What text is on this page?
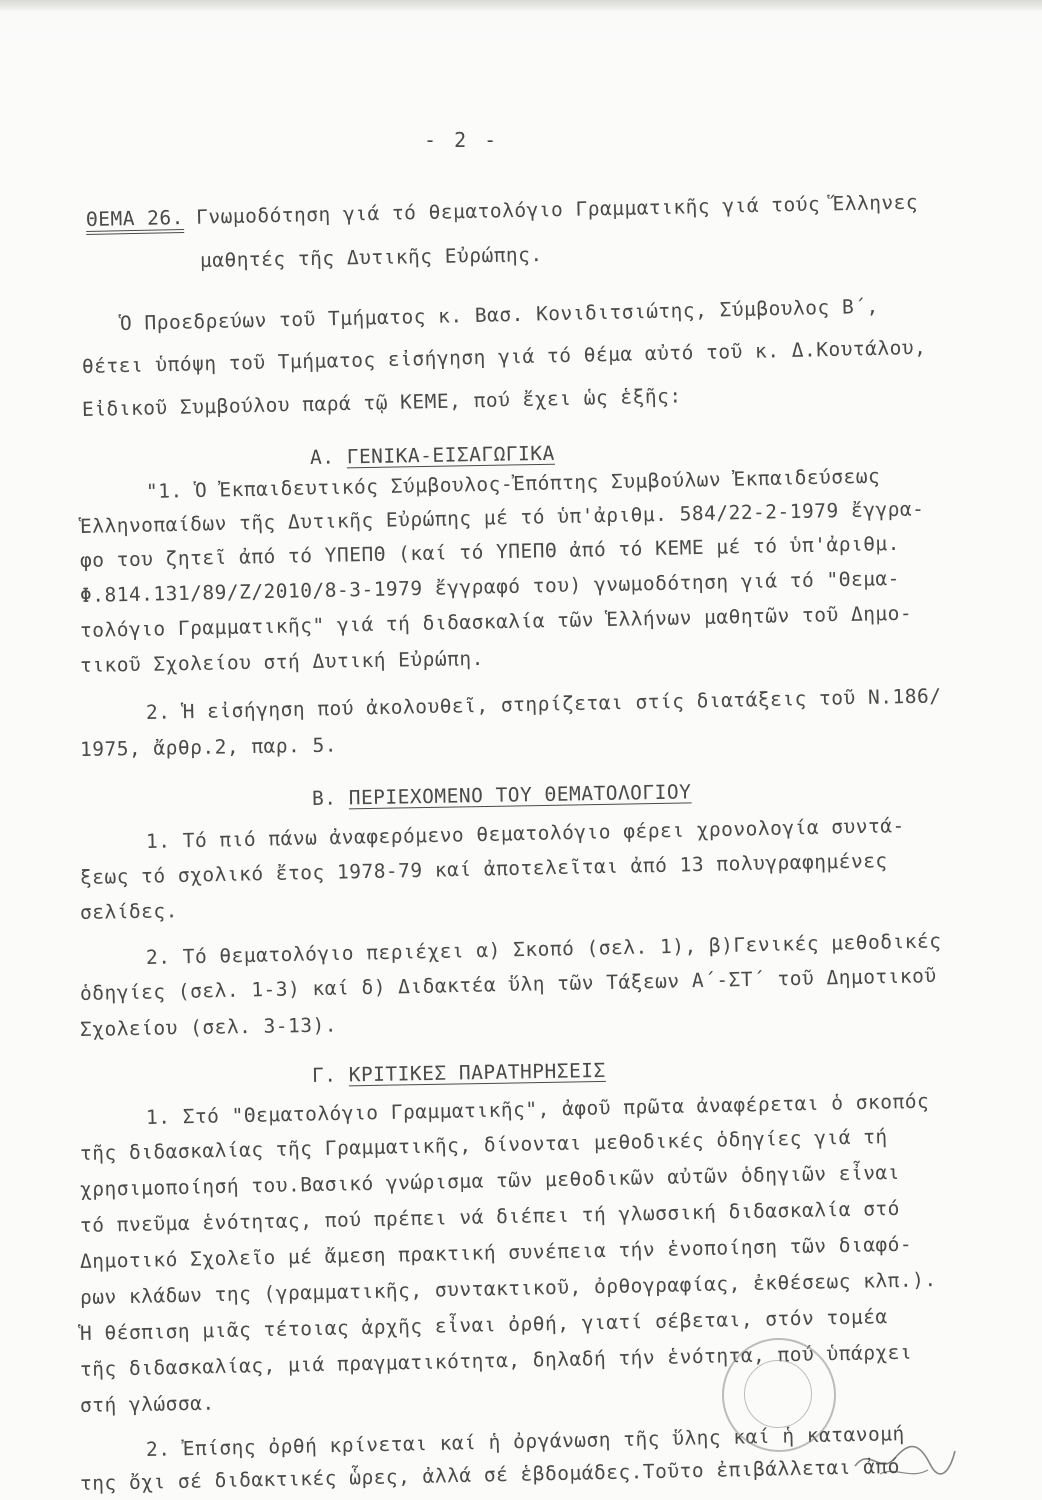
- 2 -
ΘΕΜΑ 26. Γνωμοδότηση γιά τό θεματολόγιο Γραμματικῆς γιά τούς Ἕλληνες
μαθητές τῆς Δυτικῆς Εὐρώπης.
Ὁ Προεδρεύων τοῦ Τμήματος κ. Βασ. Κονιδιτσιώτης, Σύμβουλος Β΄,
θέτει ὑπόψη τοῦ Τμήματος εἰσήγηση γιά τό θέμα αὐτό τοῦ κ. Δ.Κουτάλου,
Εἰδικοῦ Συμβούλου παρά τῷ ΚΕΜΕ, πού ἔχει ὡς ἑξῆς:
Α. ΓΕΝΙΚΑ-ΕΙΣΑΓΩΓΙΚΑ
"1. Ὁ Ἐκπαιδευτικός Σύμβουλος-Ἐπόπτης Συμβούλων Ἐκπαιδεύσεως
Ἑλληνοπαίδων τῆς Δυτικῆς Εὐρώπης μέ τό ὑπ'ἀριθμ. 584/22-2-1979 ἔγγρα-
φο του ζητεῖ ἀπό τό ΥΠΕΠΘ (καί τό ΥΠΕΠΘ ἀπό τό ΚΕΜΕ μέ τό ὑπ'ἀριθμ.
Φ.814.131/89/Ζ/2010/8-3-1979 ἔγγραφό του) γνωμοδότηση γιά τό "Θεμα-
τολόγιο Γραμματικῆς" γιά τή διδασκαλία τῶν Ἑλλήνων μαθητῶν τοῦ Δημο-
τικοῦ Σχολείου στή Δυτική Εὐρώπη.
2. Ἡ εἰσήγηση πού ἀκολουθεῖ, στηρίζεται στίς διατάξεις τοῦ Ν.186/
1975, ἄρθρ.2, παρ. 5.
Β. ΠΕΡΙΕΧΟΜΕΝΟ ΤΟΥ ΘΕΜΑΤΟΛΟΓΙΟΥ
1. Τό πιό πάνω ἀναφερόμενο θεματολόγιο φέρει χρονολογία συντά-
ξεως τό σχολικό ἔτος 1978-79 καί ἀποτελεῖται ἀπό 13 πολυγραφημένες
σελίδες.
2. Τό θεματολόγιο περιέχει α) Σκοπό (σελ. 1), β)Γενικές μεθοδικές
ὁδηγίες (σελ. 1-3) καί δ) Διδακτέα ὕλη τῶν Τάξεων Α΄-ΣΤ΄ τοῦ Δημοτικοῦ
Σχολείου (σελ. 3-13).
Γ. ΚΡΙΤΙΚΕΣ ΠΑΡΑΤΗΡΗΣΕΙΣ
1. Στό "Θεματολόγιο Γραμματικῆς", ἀφοῦ πρῶτα ἀναφέρεται ὁ σκοπός
τῆς διδασκαλίας τῆς Γραμματικῆς, δίνονται μεθοδικές ὁδηγίες γιά τή
χρησιμοποίησή του.Βασικό γνώρισμα τῶν μεθοδικῶν αὐτῶν ὁδηγιῶν εἶναι
τό πνεῦμα ἑνότητας, πού πρέπει νά διέπει τή γλωσσική διδασκαλία στό
Δημοτικό Σχολεῖο μέ ἄμεση πρακτική συνέπεια τήν ἑνοποίηση τῶν διαφό-
ρων κλάδων της (γραμματικῆς, συντακτικοῦ, ὀρθογραφίας, ἐκθέσεως κλπ.).
Ἡ θέσπιση μιᾶς τέτοιας ἀρχῆς εἶναι ὀρθή, γιατί σέβεται, στόν τομέα
τῆς διδασκαλίας, μιά πραγματικότητα, δηλαδή τήν ἑνότητα, πού ὑπάρχει
στή γλώσσα.
2. Ἐπίσης ὀρθή κρίνεται καί ἡ ὀργάνωση τῆς ὕλης καί ἡ κατανομή
της ὄχι σέ διδακτικές ὧρες, ἀλλά σέ ἑβδομάδες.Τοῦτο ἐπιβάλλεται ἀπό
